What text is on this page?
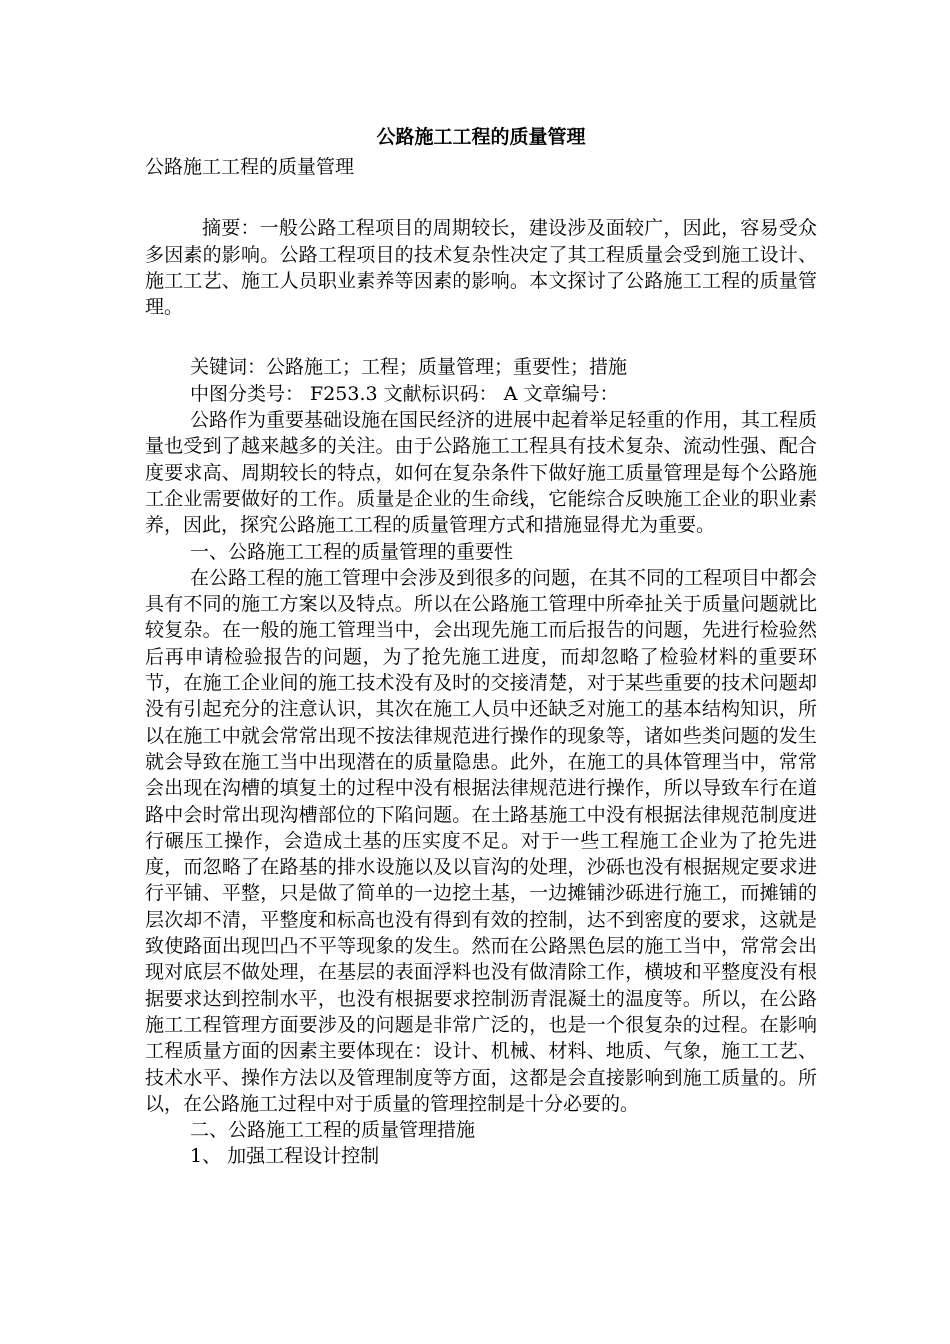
公路施工工程的质量管理

公路施工工程的质量管理

摘要：一般公路工程项目的周期较长，建设涉及面较广，因此，容易受众多因素的影响。公路工程项目的技术复杂性决定了其工程质量会受到施工设计、施工工艺、施工人员职业素养等因素的影响。本文探讨了公路施工工程的质量管理。

关键词：公路施工；工程；质量管理；重要性；措施

中图分类号： F253.3 文献标识码： A 文章编号：

公路作为重要基础设施在国民经济的进展中起着举足轻重的作用，其工程质量也受到了越来越多的关注。由于公路施工工程具有技术复杂、流动性强、配合度要求高、周期较长的特点，如何在复杂条件下做好施工质量管理是每个公路施工企业需要做好的工作。质量是企业的生命线，它能综合反映施工企业的职业素养，因此，探究公路施工工程的质量管理方式和措施显得尤为重要。

一、公路施工工程的质量管理的重要性

在公路工程的施工管理中会涉及到很多的问题，在其不同的工程项目中都会具有不同的施工方案以及特点。所以在公路施工管理中所牵扯关于质量问题就比较复杂。在一般的施工管理当中，会出现先施工而后报告的问题，先进行检验然后再申请检验报告的问题，为了抢先施工进度，而却忽略了检验材料的重要环节，在施工企业间的施工技术没有及时的交接清楚，对于某些重要的技术问题却没有引起充分的注意认识，其次在施工人员中还缺乏对施工的基本结构知识，所以在施工中就会常常出现不按法律规范进行操作的现象等，诸如些类问题的发生就会导致在施工当中出现潜在的质量隐患。此外，在施工的具体管理当中，常常会出现在沟槽的填复土的过程中没有根据法律规范进行操作，所以导致车行在道路中会时常出现沟槽部位的下陷问题。在土路基施工中没有根据法律规范制度进行碾压工操作，会造成土基的压实度不足。对于一些工程施工企业为了抢先进度，而忽略了在路基的排水设施以及以盲沟的处理，沙砾也没有根据规定要求进行平铺、平整，只是做了简单的一边挖土基，一边摊铺沙砾进行施工，而摊铺的层次却不清，平整度和标高也没有得到有效的控制，达不到密度的要求，这就是致使路面出现凹凸不平等现象的发生。然而在公路黑色层的施工当中，常常会出现对底层不做处理，在基层的表面浮料也没有做清除工作，横坡和平整度没有根据要求达到控制水平，也没有根据要求控制沥青混凝土的温度等。所以，在公路施工工程管理方面要涉及的问题是非常广泛的，也是一个很复杂的过程。在影响工程质量方面的因素主要体现在：设计、机械、材料、地质、气象，施工工艺、技术水平、操作方法以及管理制度等方面，这都是会直接影响到施工质量的。所以，在公路施工过程中对于质量的管理控制是十分必要的。

二、公路施工工程的质量管理措施

1、 加强工程设计控制
